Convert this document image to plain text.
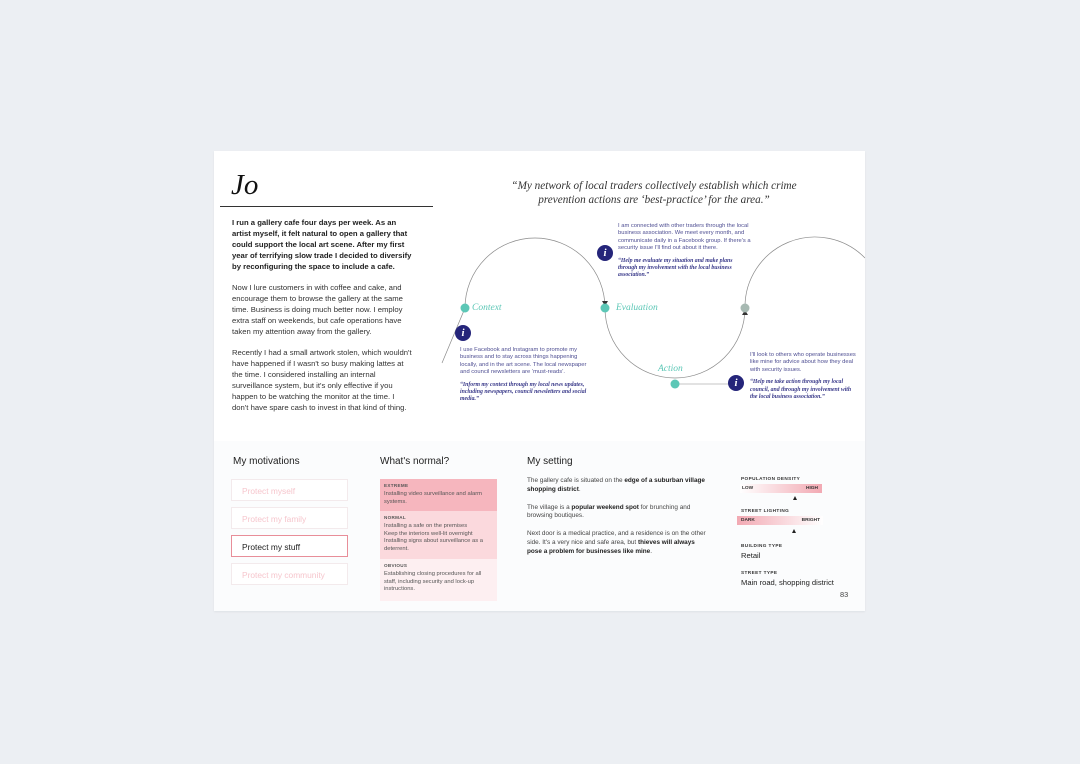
Jo

I run a gallery cafe four days per week. As an artist myself, it felt natural to open a gallery that could support the local art scene. After my first year of terrifying slow trade I decided to diversify by reconfiguring the space to include a cafe.

Now I lure customers in with coffee and cake, and encourage them to browse the gallery at the same time. Business is doing much better now. I employ extra staff on weekends, but cafe operations have taken my attention away from the gallery.

Recently I had a small artwork stolen, which wouldn't have happened if I wasn't so busy making lattes at the time. I considered installing an internal surveillance system, but it's only effective if you happen to be watching the monitor at the time. I don't have spare cash to invest in that kind of thing.

“My network of local traders collectively establish which crime prevention actions are ‘best-practice’ for the area.”
Context	Evaluation
Action
i
i
i
I use Facebook and Instagram to promote my business and to stay across things happening locally, and in the art scene. The local newspaper and council newsletters are ‘must-reads’.
“Inform my context through my local news updates, including newspapers, council newsletters and social media.”
I am connected with other traders through the local business association. We meet every month, and communicate daily in a Facebook group. If there's a security issue I'll find out about it there.
“Help me evaluate my situation and make plans through my involvement with the local business association.”
I'll look to others who operate businesses like mine for advice about how they deal with security issues.
“Help me take action through my local council, and through my involvement with the local business association.”
My motivations
Protect myself
Protect my family
Protect my stuff
Protect my community
What's normal?
EXTREME
Installing video surveillance and alarm systems.
NORMAL
Installing a safe on the premises
Keep the interiors well-lit overnight
Installing signs about surveillance as a deterrent.
OBVIOUS
Establishing closing procedures for all staff, including security and lock-up instructions.
My setting

The gallery cafe is situated on the edge of a suburban village shopping district.

The village is a popular weekend spot for brunching and browsing boutiques.

Next door is a medical practice, and a residence is on the other side. It's a very nice and safe area, but thieves will always pose a problem for businesses like mine.

POPULATION DENSITY
LOW	HIGH
STREET LIGHTING
DARK	BRIGHT
BUILDING TYPE
Retail
STREET TYPE
Main road, shopping district
83
